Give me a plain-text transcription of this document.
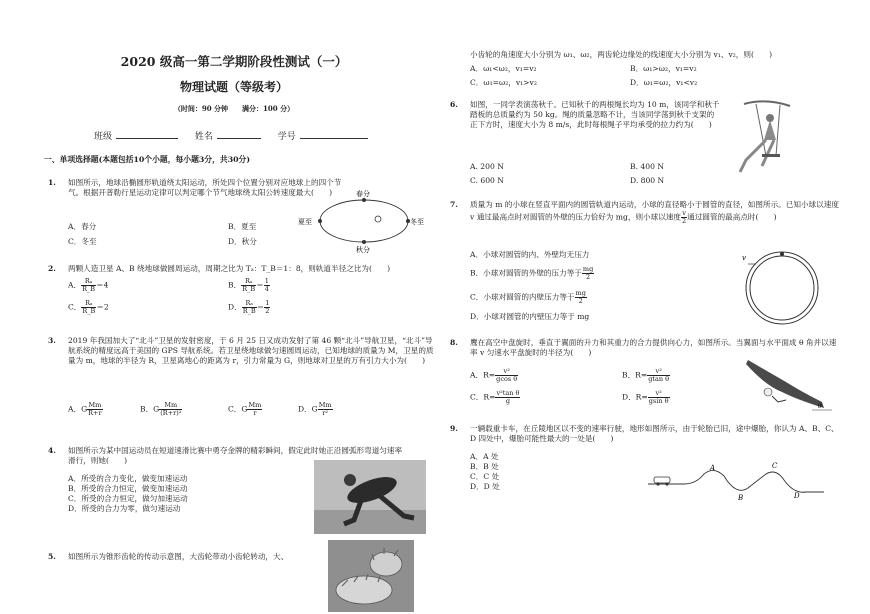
2020 级高一第二学期阶段性测试（一）
物理试题（等级考）
（时间：90 分钟　　满分：100 分）
班级	姓名	学号
一、单项选择题(本题包括10个小题，每小题3分，共30分)
1. 如图所示，地球沿椭圆形轨道绕太阳运动，所处四个位置分别对应地球上的四个节气。根据开普勒行星运动定律可以判定哪个节气地球绕太阳公转速度最大(　　)
A．春分	B．夏至
C．冬至	D．秋分
春分
夏至	冬至
秋分
2. 两颗人造卫星 A、B 绕地球做圆周运动，周期之比为 Tₐ：T_B＝1：8，则轨道半径之比为(　　)
A． $\frac{\text{Rₐ}}{R\_B} =4$	B． $\frac{\text{Rₐ}}{R\_B} = \frac{1}{4}$
C． $\frac{\text{Rₐ}}{R\_B} =2$	D． $\frac{\text{Rₐ}}{R\_B} = \frac{1}{2}$
3. 2019 年我国加大了“北斗”卫星的发射密度，于 6 月 25 日又成功发射了第 46 颗“北斗”导航卫星，“北斗”导航系统的精度远高于美国的 GPS 导航系统。若卫星绕地球做匀速圆周运动，已知地球的质量为 M，卫星的质量为 m，地球的半径为 R，卫星离地心的距离为 r，引力常量为 G，则地球对卫星的万有引力大小为(　　)
A．G $\frac{Mm}{R+r}$	B．G $\frac{Mm}{\text{(R+r)²}}$	C．G $\frac{Mm}{r}$	D．G $\frac{Mm}{\text{r²}}$
4. 如图所示为某中国运动员在短道速滑比赛中勇夺金牌的精彩瞬间，假定此时她正沿圆弧形弯道匀速率滑行，则她(　　)
A．所受的合力变化，做变加速运动
B．所受的合力恒定，做变加速运动
C．所受的合力恒定，做匀加速运动
D．所受的合力为零，做匀速运动
5. 如图所示为锥形齿轮的传动示意图，大齿轮带动小齿轮转动，大、
小齿轮的角速度大小分别为 ω₁、ω₂，两齿轮边缘处的线速度大小分别为 v₁、v₂，则(　　)
A．ω₁<ω₂，v₁=v₂	B．ω₁>ω₂，v₁=v₂
C．ω₁=ω₂，v₁>v₂	D．ω₁=ω₂，v₁<v₂
6. 如图，一同学表演荡秋千。已知秋千的两根绳长均为 10 m，该同学和秋千踏板的总质量约为 50 kg。绳的质量忽略不计，当该同学荡到秋千支架的正下方时，速度大小为 8 m/s，此时每根绳子平均承受的拉力约为(　　)
A. 200 N	B. 400 N
C. 600 N	D. 800 N
7. 质量为 m 的小球在竖直平面内的圆管轨道内运动，小球的直径略小于圆管的直径，如图所示。已知小球以速度 v 通过最高点时对圆管的外壁的压力恰好为 mg，则小球以速度 $\frac{v}{2}$ 通过圆管的最高点时(　　)
A．小球对圆管的内、外壁均无压力
B．小球对圆管的外壁的压力等于 $\frac{mg}{2}$
C．小球对圆管的内壁压力等于 $\frac{mg}{2}$
D．小球对圆管的内壁压力等于 mg
v
8. 鹰在高空中盘旋时，垂直于翼面的升力和其重力的合力提供向心力，如图所示。当翼面与水平面成 θ 角并以速率 v 匀速水平盘旋时的半径为(　　)
A．$R= \frac{\text{v²}}{\text{gcos θ}}$	B．$R= \frac{\text{v²}}{\text{gtan θ}}$
C．$R= \frac{\text{v²tan θ}}{g}$	D．$R= \frac{\text{v²}}{\text{gsin θ}}$
θ
9. 一辆载重卡车，在丘陵地区以不变的速率行驶，地形如图所示，由于轮胎已旧，途中爆胎，你认为 A、B、C、D 四处中，爆胎可能性最大的一处是(　　)
A．A 处
B．B 处
C．C 处
D．D 处
A
B
C
D
